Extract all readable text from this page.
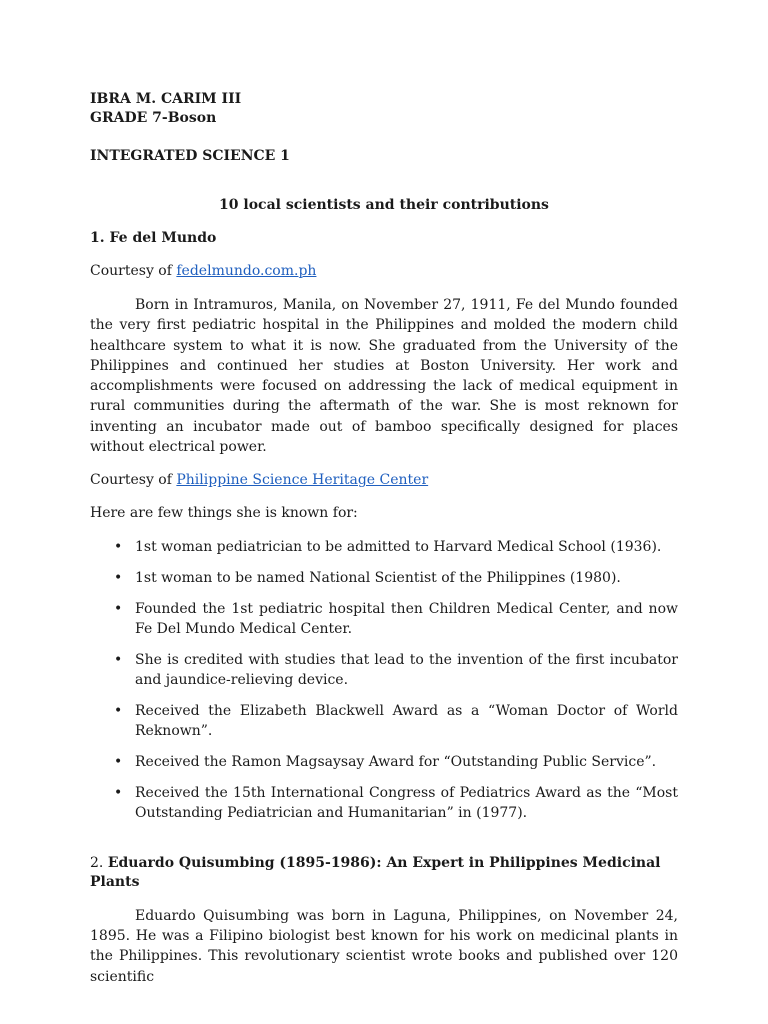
IBRA M. CARIM III

GRADE 7-Boson

INTEGRATED SCIENCE 1

10 local scientists and their contributions

1. Fe del Mundo

Courtesy of fedelmundo.com.ph

Born in Intramuros, Manila, on November 27, 1911, Fe del Mundo founded the very first pediatric hospital in the Philippines and molded the modern child healthcare system to what it is now. She graduated from the University of the Philippines and continued her studies at Boston University. Her work and accomplishments were focused on addressing the lack of medical equipment in rural communities during the aftermath of the war. She is most reknown for inventing an incubator made out of bamboo specifically designed for places without electrical power.

Courtesy of Philippine Science Heritage Center

Here are few things she is known for:

• 1st woman pediatrician to be admitted to Harvard Medical School (1936).
• 1st woman to be named National Scientist of the Philippines (1980).
• Founded the 1st pediatric hospital then Children Medical Center, and now Fe Del Mundo Medical Center.
• She is credited with studies that lead to the invention of the first incubator and jaundice-relieving device.
• Received the Elizabeth Blackwell Award as a “Woman Doctor of World Reknown”.
• Received the Ramon Magsaysay Award for “Outstanding Public Service”.
• Received the 15th International Congress of Pediatrics Award as the “Most Outstanding Pediatrician and Humanitarian” in (1977).

2. Eduardo Quisumbing (1895-1986): An Expert in Philippines Medicinal Plants

Eduardo Quisumbing was born in Laguna, Philippines, on November 24, 1895. He was a Filipino biologist best known for his work on medicinal plants in the Philippines. This revolutionary scientist wrote books and published over 120 scientific
